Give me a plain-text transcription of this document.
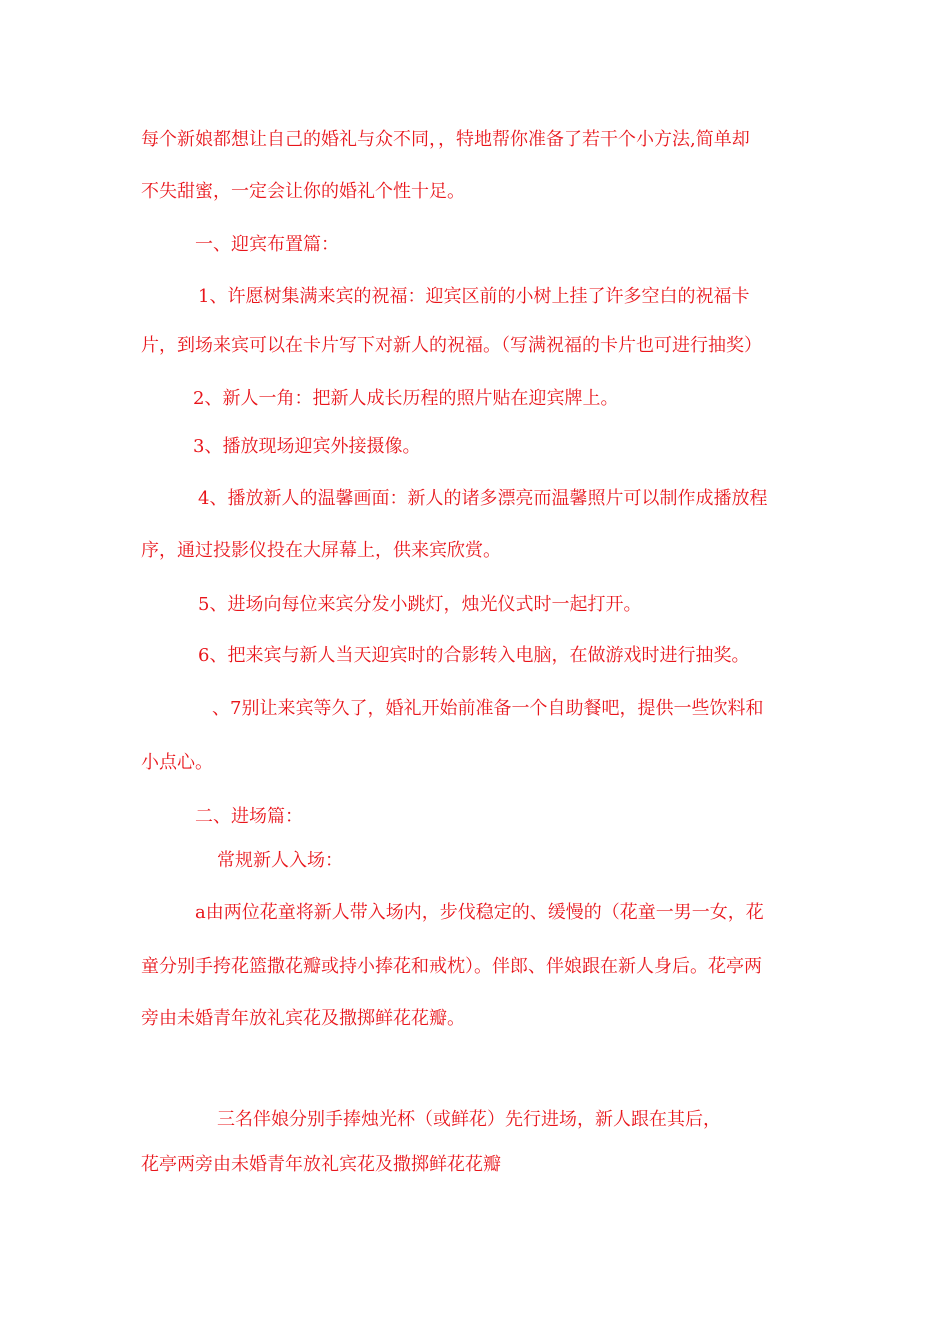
每个新娘都想让自己的婚礼与众不同，，特地帮你准备了若干个小方法,简单却
不失甜蜜，一定会让你的婚礼个性十足。
一、迎宾布置篇：
1、许愿树集满来宾的祝福：迎宾区前的小树上挂了许多空白的祝福卡
片，到场来宾可以在卡片写下对新人的祝福。（写满祝福的卡片也可进行抽奖）
2、新人一角：把新人成长历程的照片贴在迎宾牌上。
3、播放现场迎宾外接摄像。
4、播放新人的温馨画面：新人的诸多漂亮而温馨照片可以制作成播放程
序，通过投影仪投在大屏幕上，供来宾欣赏。
5、进场向每位来宾分发小跳灯，烛光仪式时一起打开。
6、把来宾与新人当天迎宾时的合影转入电脑，在做游戏时进行抽奖。
、7别让来宾等久了，婚礼开始前准备一个自助餐吧，提供一些饮料和
小点心。
二、进场篇：
常规新人入场：
a由两位花童将新人带入场内，步伐稳定的、缓慢的（花童一男一女，花
童分别手挎花篮撒花瓣或持小捧花和戒枕）。伴郎、伴娘跟在新人身后。花亭两
旁由未婚青年放礼宾花及撒掷鲜花花瓣。
三名伴娘分别手捧烛光杯（或鲜花）先行进场，新人跟在其后，
花亭两旁由未婚青年放礼宾花及撒掷鲜花花瓣
